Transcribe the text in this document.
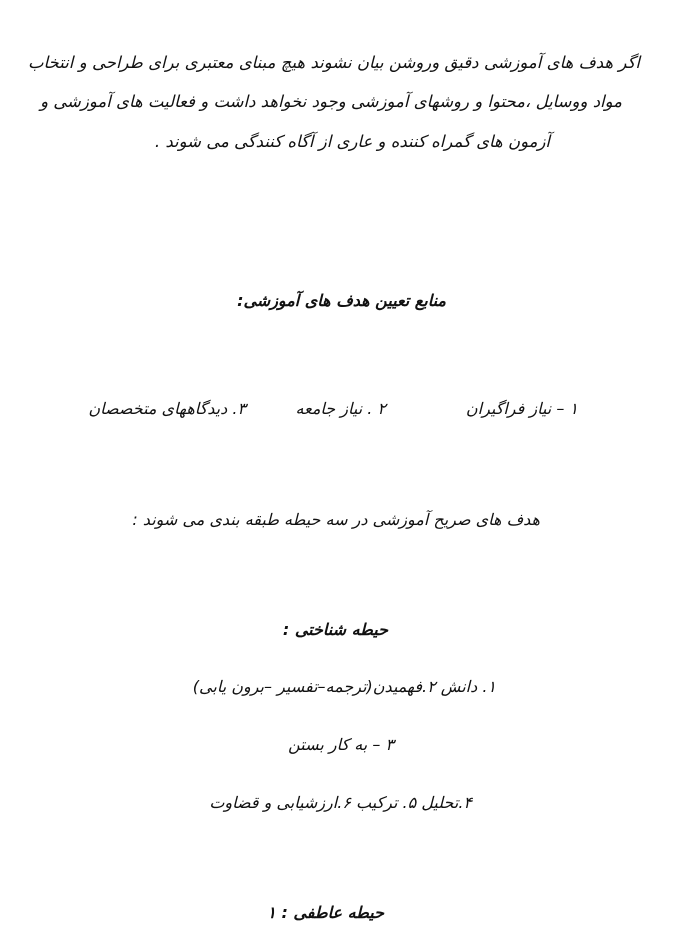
اگر هدف های آموزشی دقیق وروشن بیان نشوند هیچ مبنای معتبری برای طراحی و انتخاب
مواد ووسایل ،محتوا و روشهای آموزشی وجود نخواهد داشت و فعالیت های آموزشی و
آزمون های گمراه کننده و عاری از آگاه کنندگی می شوند .
منابع تعیین هدف های آموزشی:
۱ – نیاز فراگیران
۲ . نیاز جامعه
۳. دیدگاههای متخصصان
هدف های صریح آموزشی در سه حیطه طبقه بندی می شوند :
حیطه شناختی :
۱. دانش ۲.فهمیدن(ترجمه–تفسیر –برون یابی)
۳ – به کار بستن
۴.تحلیل ۵. ترکیب ۶.ارزشیابی و قضاوت
حیطه عاطفی : ۱
